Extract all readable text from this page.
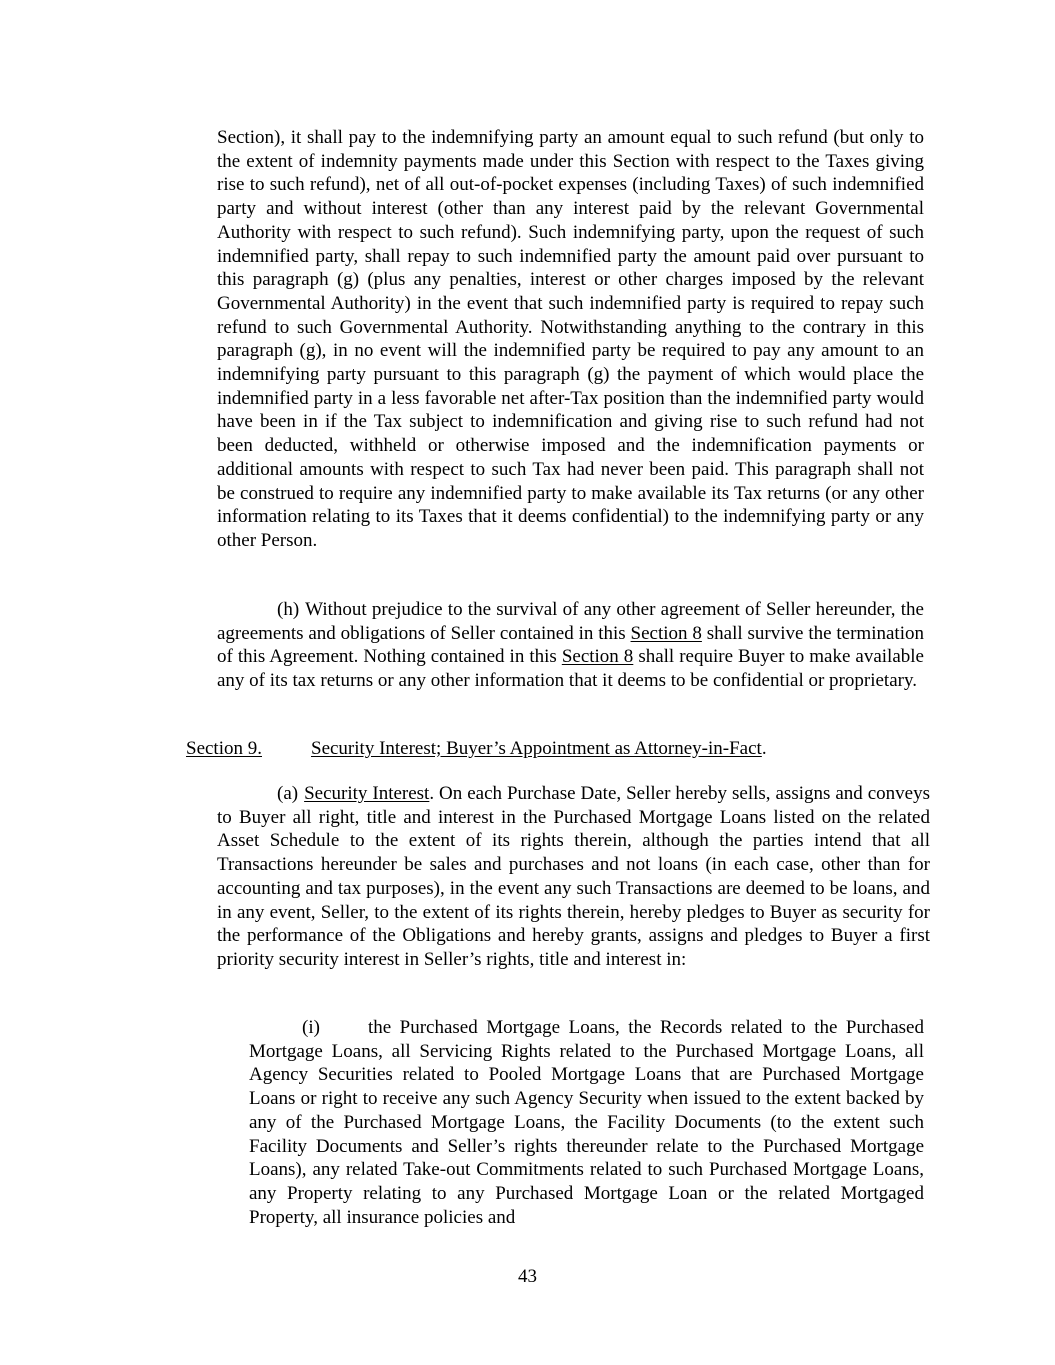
Section), it shall pay to the indemnifying party an amount equal to such refund (but only to the extent of indemnity payments made under this Section with respect to the Taxes giving rise to such refund), net of all out-of-pocket expenses (including Taxes) of such indemnified party and without interest (other than any interest paid by the relevant Governmental Authority with respect to such refund). Such indemnifying party, upon the request of such indemnified party, shall repay to such indemnified party the amount paid over pursuant to this paragraph (g) (plus any penalties, interest or other charges imposed by the relevant Governmental Authority) in the event that such indemnified party is required to repay such refund to such Governmental Authority. Notwithstanding anything to the contrary in this paragraph (g), in no event will the indemnified party be required to pay any amount to an indemnifying party pursuant to this paragraph (g) the payment of which would place the indemnified party in a less favorable net after-Tax position than the indemnified party would have been in if the Tax subject to indemnification and giving rise to such refund had not been deducted, withheld or otherwise imposed and the indemnification payments or additional amounts with respect to such Tax had never been paid. This paragraph shall not be construed to require any indemnified party to make available its Tax returns (or any other information relating to its Taxes that it deems confidential) to the indemnifying party or any other Person.

(h) Without prejudice to the survival of any other agreement of Seller hereunder, the agreements and obligations of Seller contained in this Section 8 shall survive the termination of this Agreement. Nothing contained in this Section 8 shall require Buyer to make available any of its tax returns or any other information that it deems to be confidential or proprietary.

Section 9.	Security Interest; Buyer’s Appointment as Attorney-in-Fact.

(a) Security Interest. On each Purchase Date, Seller hereby sells, assigns and conveys to Buyer all right, title and interest in the Purchased Mortgage Loans listed on the related Asset Schedule to the extent of its rights therein, although the parties intend that all Transactions hereunder be sales and purchases and not loans (in each case, other than for accounting and tax purposes), in the event any such Transactions are deemed to be loans, and in any event, Seller, to the extent of its rights therein, hereby pledges to Buyer as security for the performance of the Obligations and hereby grants, assigns and pledges to Buyer a first priority security interest in Seller’s rights, title and interest in:

(i)	the Purchased Mortgage Loans, the Records related to the Purchased Mortgage Loans, all Servicing Rights related to the Purchased Mortgage Loans, all Agency Securities related to Pooled Mortgage Loans that are Purchased Mortgage Loans or right to receive any such Agency Security when issued to the extent backed by any of the Purchased Mortgage Loans, the Facility Documents (to the extent such Facility Documents and Seller’s rights thereunder relate to the Purchased Mortgage Loans), any related Take-out Commitments related to such Purchased Mortgage Loans, any Property relating to any Purchased Mortgage Loan or the related Mortgaged Property, all insurance policies and

43
